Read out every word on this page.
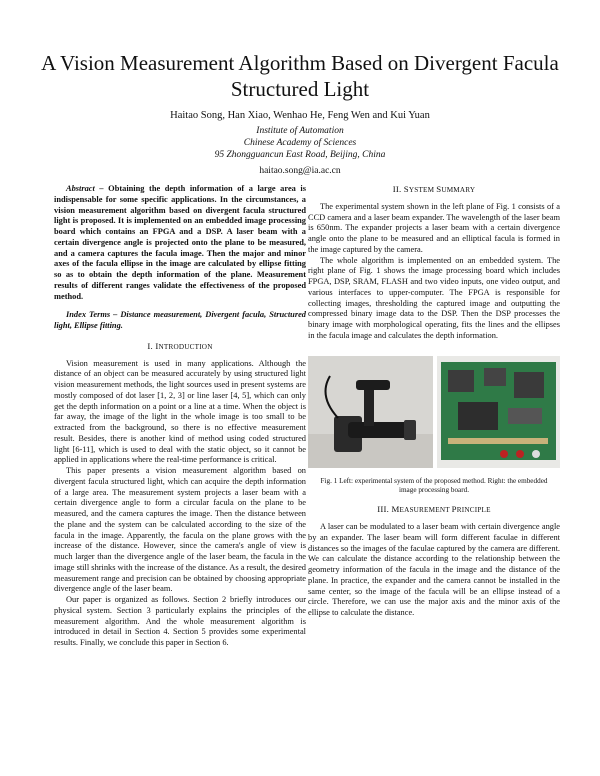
A Vision Measurement Algorithm Based on Divergent Facula Structured Light
Haitao Song, Han Xiao, Wenhao He, Feng Wen and Kui Yuan
Institute of Automation
Chinese Academy of Sciences
95 Zhongguancun East Road, Beijing, China
haitao.song@ia.ac.cn

Abstract – Obtaining the depth information of a large area is indispensable for some specific applications. In the circumstances, a vision measurement algorithm based on divergent facula structured light is proposed. It is implemented on an embedded image processing board which contains an FPGA and a DSP. A laser beam with a certain divergence angle is projected onto the plane to be measured, and a camera captures the facula image. Then the major and minor axes of the facula ellipse in the image are calculated by ellipse fitting so as to obtain the depth information of the plane. Measurement results of different ranges validate the effectiveness of the proposed method.

Index Terms – Distance measurement, Divergent facula, Structured light, Ellipse fitting.

I. INTRODUCTION

Vision measurement is used in many applications. Although the distance of an object can be measured accurately by using structured light vision measurement methods, the light sources used in present systems are mostly composed of dot laser [1, 2, 3] or line laser [4, 5], which can only get the depth information on a point or a line at a time. When the object is far away, the image of the light in the whole image is too small to be extracted from the background, so there is no effective measurement result. Besides, there is another kind of method using coded structured light [6-11], which is used to deal with the static object, so it cannot be applied in applications where the real-time performance is critical.

This paper presents a vision measurement algorithm based on divergent facula structured light, which can acquire the depth information of a large area. The measurement system projects a laser beam with a certain divergence angle to form a circular facula on the plane to be measured, and the camera captures the image. Then the distance between the plane and the system can be calculated according to the size of the facula in the image. Apparently, the facula on the plane grows with the increase of the distance. However, since the camera's angle of view is much larger than the divergence angle of the laser beam, the facula in the image still shrinks with the increase of the distance. As a result, the desired measurement range and precision can be obtained by choosing appropriate divergence angle of the laser beam.

Our paper is organized as follows. Section 2 briefly introduces our physical system. Section 3 particularly explains the principles of the measurement algorithm. And the whole measurement algorithm is introduced in detail in Section 4. Section 5 provides some experimental results. Finally, we conclude this paper in Section 6.

II. SYSTEM SUMMARY

The experimental system shown in the left plane of Fig. 1 consists of a CCD camera and a laser beam expander. The wavelength of the laser beam is 650nm. The expander projects a laser beam with a certain divergence angle onto the plane to be measured and an elliptical facula is formed in the image captured by the camera.

The whole algorithm is implemented on an embedded system. The right plane of Fig. 1 shows the image processing board which includes FPGA, DSP, SRAM, FLASH and two video inputs, one video output, and various interfaces to upper-computer. The FPGA is responsible for collecting images, thresholding the captured image and outputting the compressed binary image data to the DSP. Then the DSP processes the binary image with morphological operating, fits the lines and the ellipses in the facula image and calculates the depth information.

Fig. 1 Left: experimental system of the proposed method. Right: the embedded image processing board.
III. MEASUREMENT PRINCIPLE

A laser can be modulated to a laser beam with certain divergence angle by an expander. The laser beam will form different faculae in different distances so the images of the faculae captured by the camera are different. We can calculate the distance according to the relationship between the geometry information of the facula in the image and the distance of the plane. In practice, the expander and the camera cannot be installed in the same center, so the image of the facula will be an ellipse instead of a circle. Therefore, we can use the major axis and the minor axis of the ellipse to calculate the distance.
